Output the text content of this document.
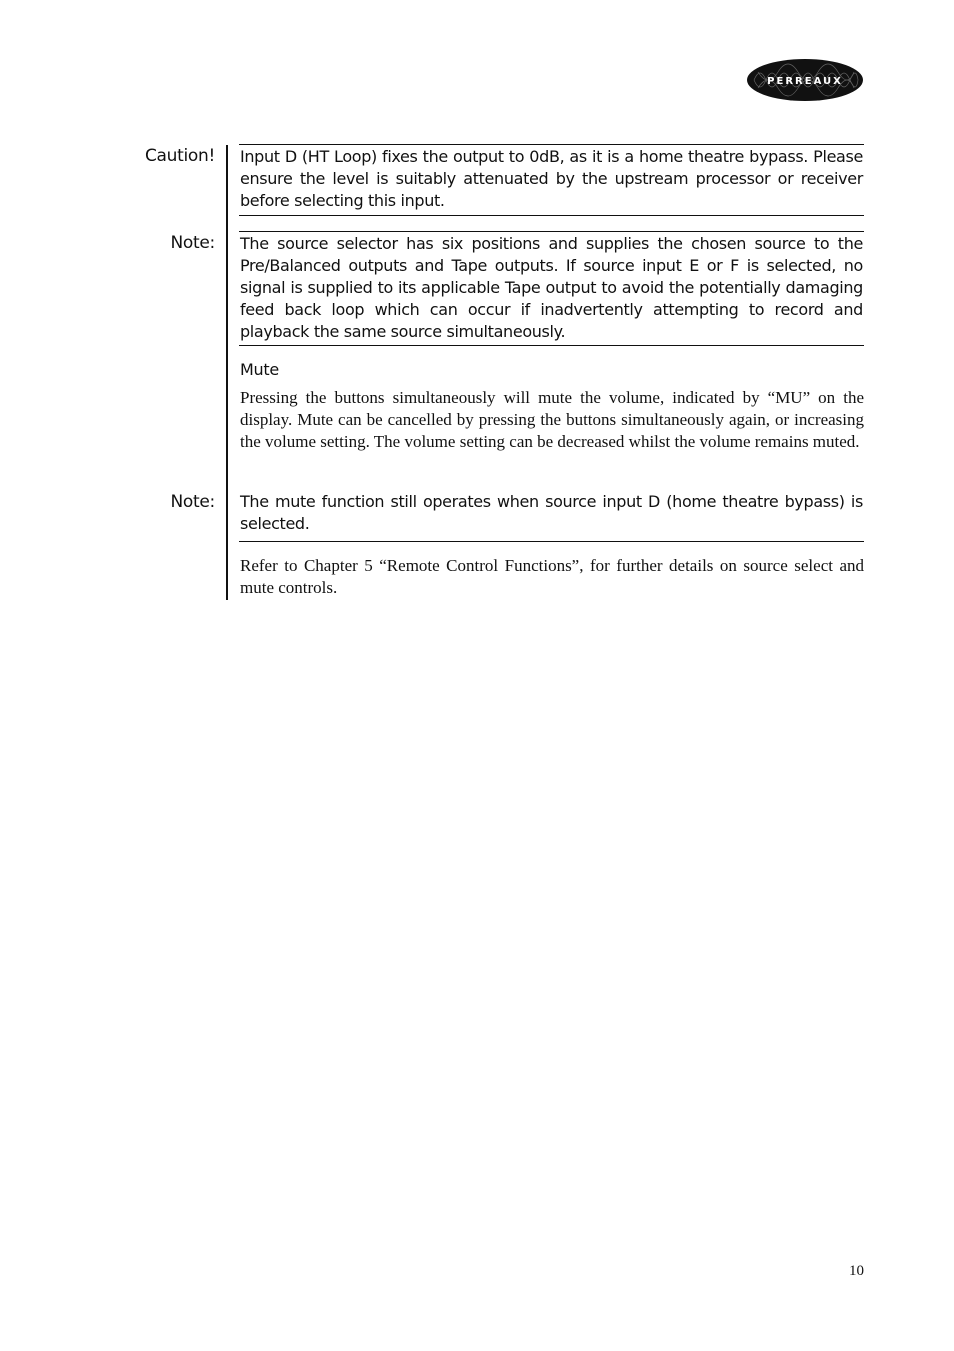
PERREAUX
Caution! Input D (HT Loop) fixes the output to 0dB, as it is a home theatre bypass. Please ensure the level is suitably attenuated by the upstream processor or receiver before selecting this input.
Note: The source selector has six positions and supplies the chosen source to the Pre/Balanced outputs and Tape outputs. If source input E or F is selected, no signal is supplied to its applicable Tape output to avoid the potentially damaging feed back loop which can occur if inadvertently attempting to record and playback the same source simultaneously.
Mute
Pressing the buttons simultaneously will mute the volume, indicated by “MU” on the display. Mute can be cancelled by pressing the buttons simultaneously again, or increasing the volume setting. The volume setting can be decreased whilst the volume remains muted.
Note: The mute function still operates when source input D (home theatre bypass) is selected.
Refer to Chapter 5 “Remote Control Functions”, for further details on source select and mute controls.
10
